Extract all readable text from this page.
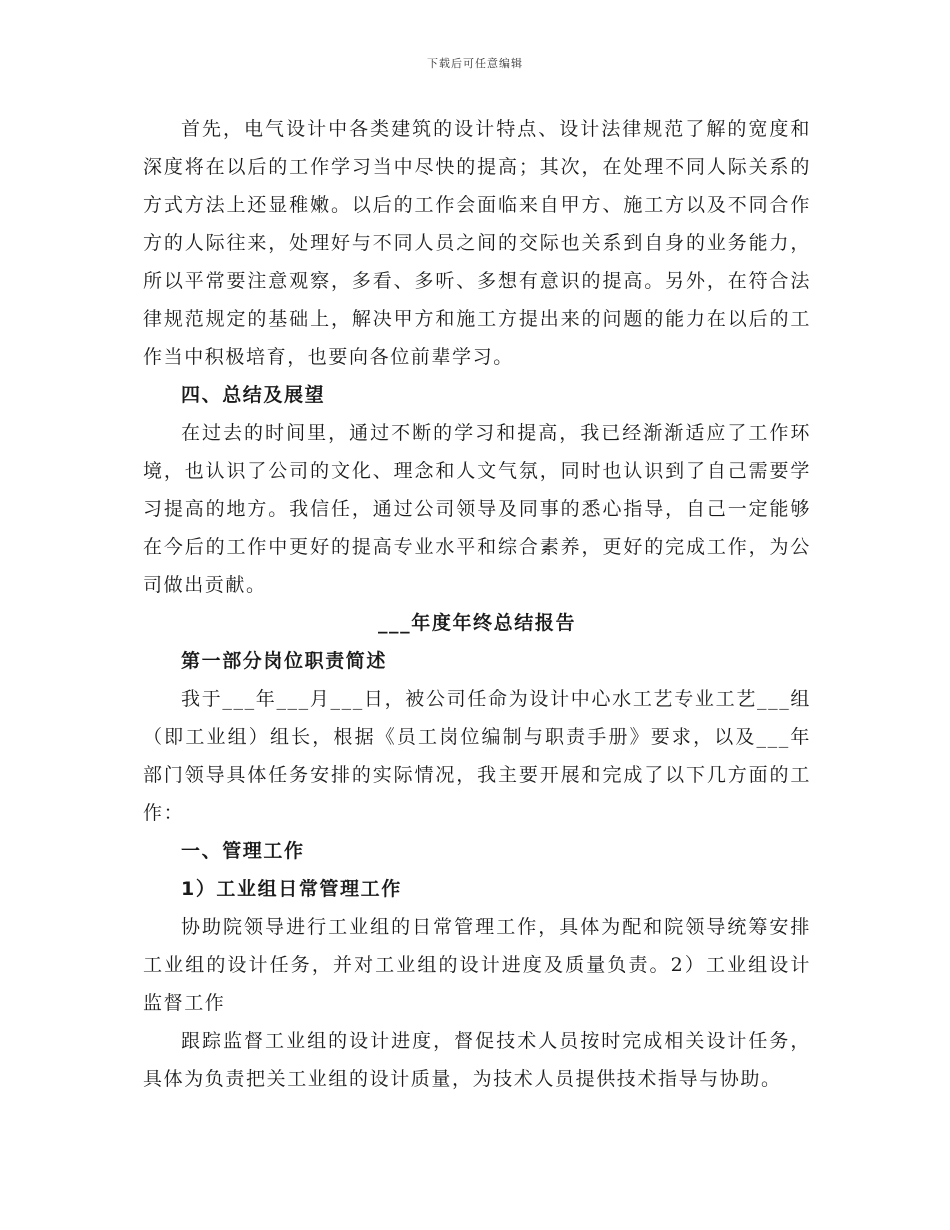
下载后可任意编辑

首先，电气设计中各类建筑的设计特点、设计法律规范了解的宽度和深度将在以后的工作学习当中尽快的提高；其次，在处理不同人际关系的方式方法上还显稚嫩。以后的工作会面临来自甲方、施工方以及不同合作方的人际往来，处理好与不同人员之间的交际也关系到自身的业务能力，所以平常要注意观察，多看、多听、多想有意识的提高。另外，在符合法律规范规定的基础上，解决甲方和施工方提出来的问题的能力在以后的工作当中积极培育，也要向各位前辈学习。

四、总结及展望

在过去的时间里，通过不断的学习和提高，我已经渐渐适应了工作环境，也认识了公司的文化、理念和人文气氛，同时也认识到了自己需要学习提高的地方。我信任，通过公司领导及同事的悉心指导，自己一定能够在今后的工作中更好的提高专业水平和综合素养，更好的完成工作，为公司做出贡献。

___年度年终总结报告

第一部分岗位职责简述

我于___年___月___日，被公司任命为设计中心水工艺专业工艺___组（即工业组）组长，根据《员工岗位编制与职责手册》要求，以及___年部门领导具体任务安排的实际情况，我主要开展和完成了以下几方面的工作：

一、管理工作

1）工业组日常管理工作

协助院领导进行工业组的日常管理工作，具体为配和院领导统筹安排工业组的设计任务，并对工业组的设计进度及质量负责。2）工业组设计监督工作

跟踪监督工业组的设计进度，督促技术人员按时完成相关设计任务，具体为负责把关工业组的设计质量，为技术人员提供技术指导与协助。
